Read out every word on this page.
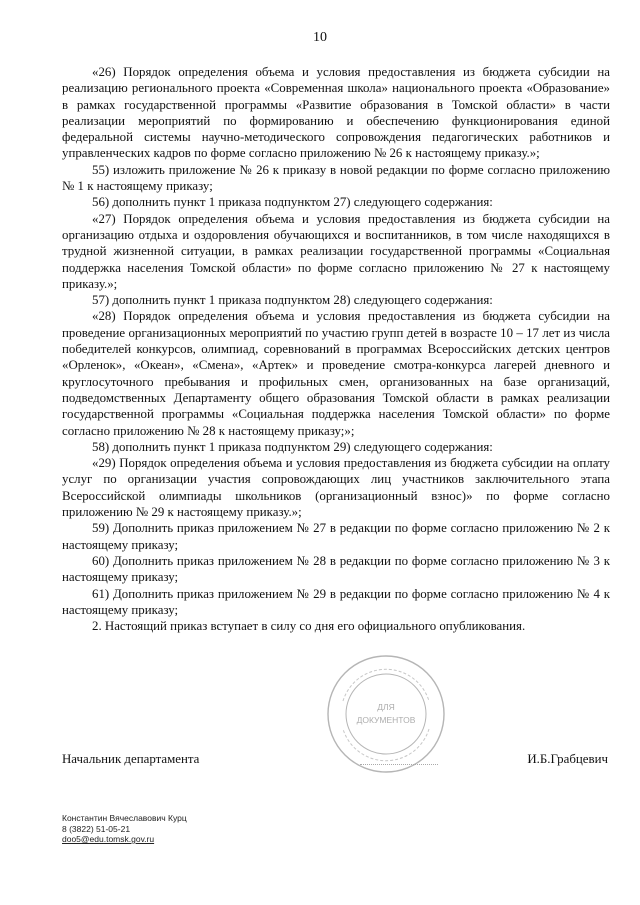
10

«26) Порядок определения объема и условия предоставления из бюджета субсидии на реализацию регионального проекта «Современная школа» национального проекта «Образование» в рамках государственной программы «Развитие образования в Томской области» в части реализации мероприятий по формированию и обеспечению функционирования единой федеральной системы научно-методического сопровождения педагогических работников и управленческих кадров по форме согласно приложению № 26 к настоящему приказу.»;

55) изложить приложение № 26 к приказу в новой редакции по форме согласно приложению № 1 к настоящему приказу;

56) дополнить пункт 1 приказа подпунктом 27) следующего содержания:

«27) Порядок определения объема и условия предоставления из бюджета субсидии на организацию отдыха и оздоровления обучающихся и воспитанников, в том числе находящихся в трудной жизненной ситуации, в рамках реализации государственной программы «Социальная поддержка населения Томской области» по форме согласно приложению № 27 к настоящему приказу.»;

57) дополнить пункт 1 приказа подпунктом 28) следующего содержания:

«28) Порядок определения объема и условия предоставления из бюджета субсидии на проведение организационных мероприятий по участию групп детей в возрасте 10 – 17 лет из числа победителей конкурсов, олимпиад, соревнований в программах Всероссийских детских центров «Орленок», «Океан», «Смена», «Артек» и проведение смотра-конкурса лагерей дневного и круглосуточного пребывания и профильных смен, организованных на базе организаций, подведомственных Департаменту общего образования Томской области в рамках реализации государственной программы «Социальная поддержка населения Томской области» по форме согласно приложению № 28 к настоящему приказу;»;

58) дополнить пункт 1 приказа подпунктом 29) следующего содержания:

«29) Порядок определения объема и условия предоставления из бюджета субсидии на оплату услуг по организации участия сопровождающих лиц участников заключительного этапа Всероссийской олимпиады школьников (организационный взнос)» по форме согласно приложению № 29 к настоящему приказу.»;

59) Дополнить приказ приложением № 27 в редакции по форме согласно приложению № 2 к настоящему приказу;

60) Дополнить приказ приложением № 28 в редакции по форме согласно приложению № 3 к настоящему приказу;

61) Дополнить приказ приложением № 29 в редакции по форме согласно приложению № 4 к настоящему приказу;

2. Настоящий приказ вступает в силу со дня его официального опубликования.

ДЛЯ
ДОКУМЕНТОВ
Начальник департамента	И.Б.Грабцевич
Константин Вячеславович Курц
8 (3822) 51-05-21
doo5@edu.tomsk.gov.ru
